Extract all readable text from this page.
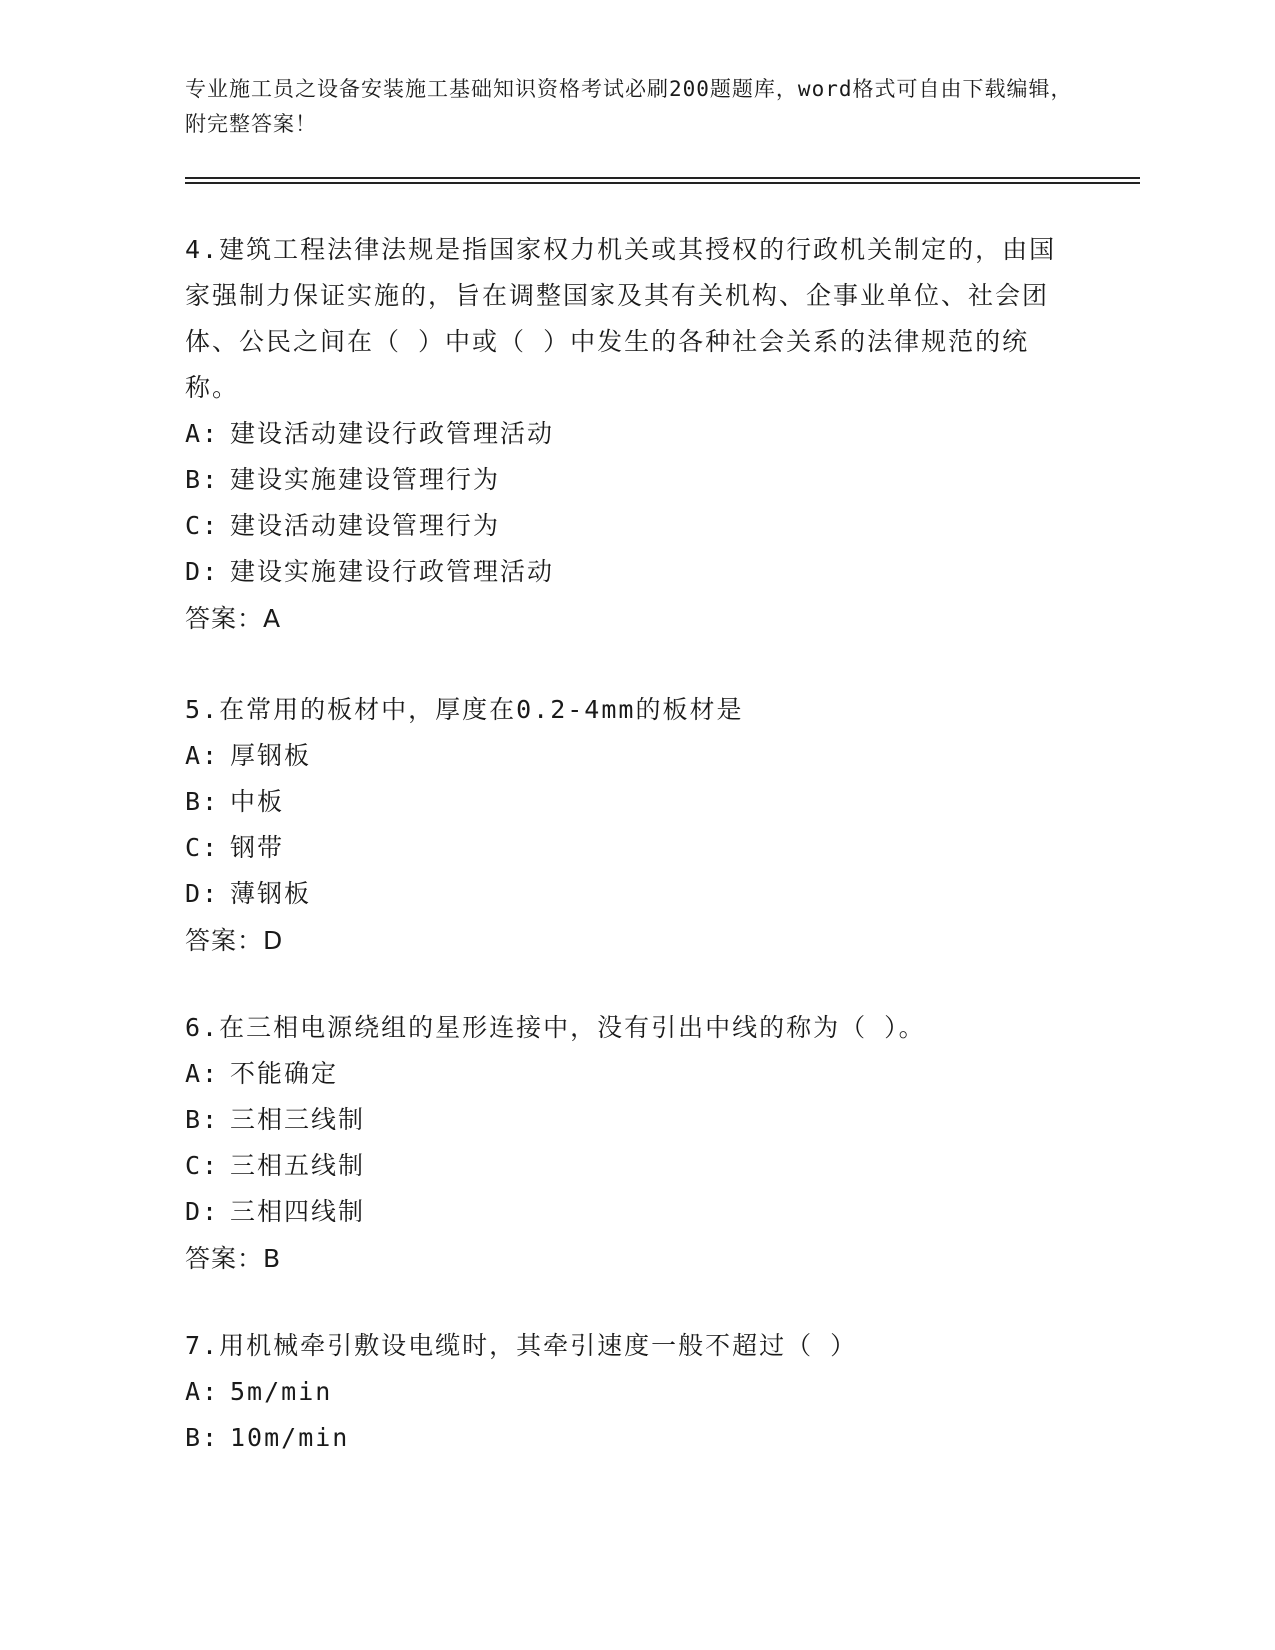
专业施工员之设备安装施工基础知识资格考试必刷200题题库，word格式可自由下载编辑，附完整答案！
4.建筑工程法律法规是指国家权力机关或其授权的行政机关制定的，由国家强制力保证实施的，旨在调整国家及其有关机构、企事业单位、社会团体、公民之间在（ ）中或（ ）中发生的各种社会关系的法律规范的统称。
A: 建设活动建设行政管理活动
B: 建设实施建设管理行为
C: 建设活动建设管理行为
D: 建设实施建设行政管理活动
答案：A
5.在常用的板材中，厚度在0.2-4mm的板材是
A: 厚钢板
B: 中板
C: 钢带
D: 薄钢板
答案：D
6.在三相电源绕组的星形连接中，没有引出中线的称为（ ）。
A: 不能确定
B: 三相三线制
C: 三相五线制
D: 三相四线制
答案：B
7.用机械牵引敷设电缆时，其牵引速度一般不超过（ ）
A: 5m/min
B: 10m/min
